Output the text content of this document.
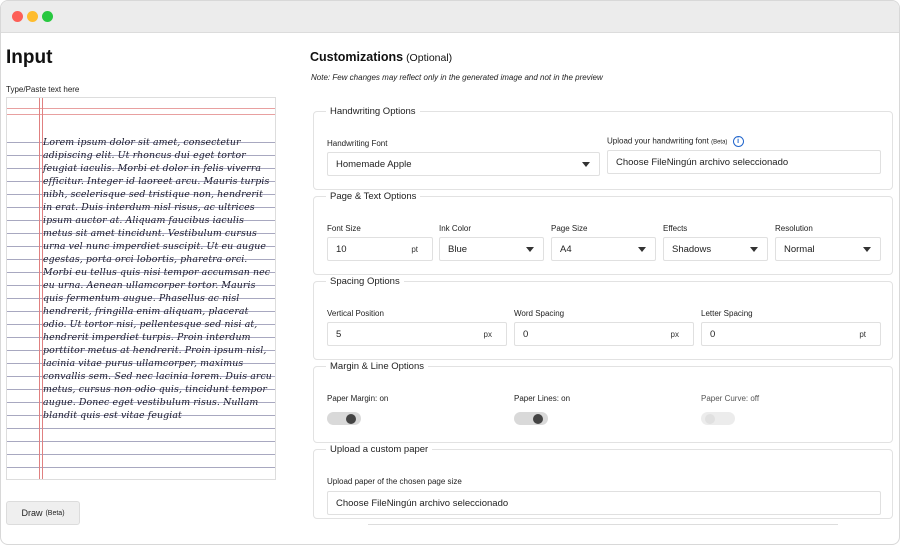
Input
Type/Paste text here
Lorem ipsum dolor sit amet, consectetur adipiscing elit. Ut rhoncus dui eget tortor feugiat iaculis. Morbi et dolor in felis viverra efficitur. Integer id laoreet arcu. Mauris turpis nibh, scelerisque sed tristique non, hendrerit in erat. Duis interdum nisl risus, ac ultrices ipsum auctor at. Aliquam faucibus iaculis metus sit amet tincidunt. Vestibulum cursus urna vel nunc imperdiet suscipit. Ut eu augue egestas, porta orci lobortis, pharetra orci. Morbi eu tellus quis nisi tempor accumsan nec eu urna. Aenean ullamcorper tortor. Mauris quis fermentum augue. Phasellus ac nisl hendrerit, fringilla enim aliquam, placerat odio. Ut tortor nisi, pellentesque sed nisi at, hendrerit imperdiet turpis. Proin interdum porttitor metus at hendrerit. Proin ipsum nisl, lacinia vitae purus ullamcorper, maximus convallis sem. Sed nec lacinia lorem. Duis arcu metus, cursus non odio quis, tincidunt tempor augue. Donec eget vestibulum risus. Nullam blandit quis est vitae feugiat
Draw (Beta)
Customizations (Optional)
Note: Few changes may reflect only in the generated image and not in the preview
Handwriting Options
Handwriting Font
Homemade Apple
Upload your handwriting font (Beta) i
Choose FileNingún archivo seleccionado
Page & Text Options
Font Size
10	pt
Ink Color
Blue
Page Size
A4
Effects
Shadows
Resolution
Normal
Spacing Options
Vertical Position
5	px
Word Spacing
0	px
Letter Spacing
0	pt
Margin & Line Options
Paper Margin: on	Paper Lines: on	Paper Curve: off
Upload a custom paper
Upload paper of the chosen page size
Choose FileNingún archivo seleccionado
